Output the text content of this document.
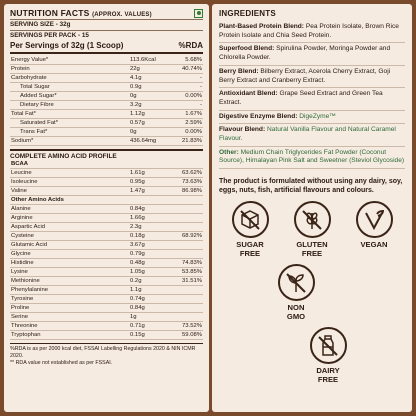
NUTRITION FACTS (APPROX. VALUES)
SERVING SIZE - 32g
SERVINGS PER PACK - 15
Per Servings of 32g (1 Scoop)	%RDA
Energy Value*	113.6Kcal	5.68%
Protein	22g	40.74%
Carbohydrate	4.1g	-
Total Sugar	0.9g	-
Added Sugar*	0g	0.00%
Dietary Fibre	3.2g	-
Total Fat*	1.12g	1.67%
Saturated Fat*	0.57g	2.59%
Trans Fat*	0g	0.00%
Sodium*	436.64mg	21.83%
COMPLETE AMINO ACID PROFILE
BCAA		
Leucine	1.61g	63.62%
Isoleucine	0.95g	73.63%
Valine	1.47g	86.98%
Other Amino Acids		
Alanine	0.84g	
Arginine	1.66g	
Aspartic Acid	2.3g	
Cysteine	0.18g	68.92%
Glutamic Acid	3.67g	
Glycine	0.79g	
Histidine	0.48g	74.83%
Lysine	1.05g	53.85%
Methionine	0.2g	31.51%
Phenylalanine	1.1g	
Tyrosine	0.74g	
Proline	0.84g	
Serine	1g	
Threonine	0.71g	73.52%
Tryptophan	0.15g	59.08%
%RDA is as per 2000 kcal diet, FSSAI Labelling Regulations 2020 & NIN ICMR 2020.
** RDA value not established as per FSSAI.
INGREDIENTS
Plant-Based Protein Blend: Pea Protein Isolate, Brown Rice Protein Isolate and Chia Seed Protein.
Superfood Blend: Spirulina Powder, Moringa Powder and Chlorella Powder.
Berry Blend: Bilberry Extract, Acerola Cherry Extract, Goji Berry Extract and Cranberry Extract.
Antioxidant Blend: Grape Seed Extract and Green Tea Extract.
Digestive Enzyme Blend: DigeZyme™
Flavour Blend: Natural Vanilla Flavour and Natural Caramel Flavour.
Other: Medium Chain Triglycerides Fat Powder (Coconut Source), Himalayan Pink Salt and Sweetner (Steviol Glycoside)
The product is formulated without using any dairy, soy, eggs, nuts, fish, artificial flavours and colours.
SUGAR
FREE
GLUTEN
FREE
VEGAN
NON
GMO
DAIRY
FREE
